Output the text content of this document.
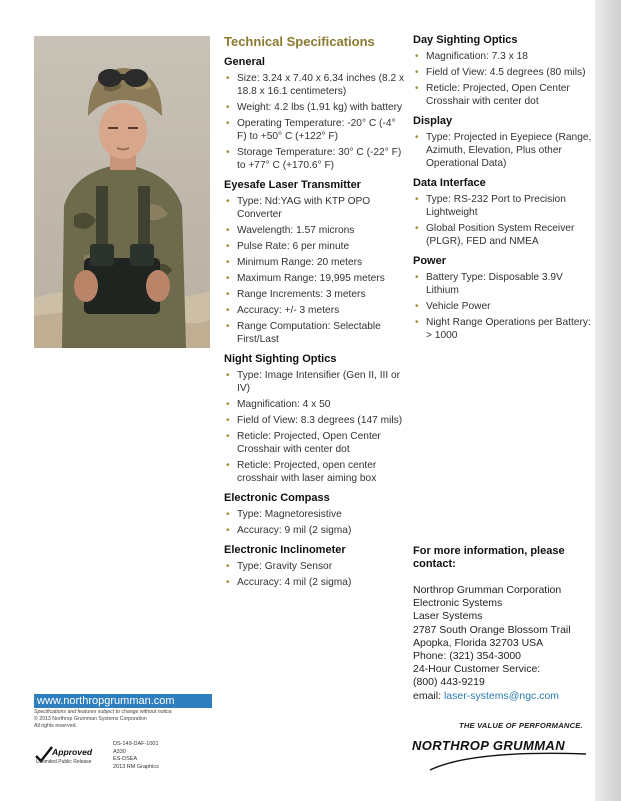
Technical Specifications
General
• Size: 3.24 x 7.40 x 6.34 inches (8.2 x 18.8 x 16.1 centimeters)
• Weight: 4.2 lbs (1.91 kg) with battery
• Operating Temperature: -20° C (-4° F) to +50° C (+122° F)
• Storage Temperature: 30° C (-22° F) to +77° C (+170.6° F)
Eyesafe Laser Transmitter
• Type: Nd:YAG with KTP OPO Converter
• Wavelength: 1.57 microns
• Pulse Rate: 6 per minute
• Minimum Range: 20 meters
• Maximum Range: 19,995 meters
• Range Increments: 3 meters
• Accuracy: +/- 3 meters
• Range Computation: Selectable First/Last
Night Sighting Optics
• Type: Image Intensifier (Gen II, III or IV)
• Magnification: 4 x 50
• Field of View: 8.3 degrees (147 mils)
• Reticle: Projected, Open Center Crosshair with center dot
• Reticle: Projected, open center crosshair with laser aiming box
Electronic Compass
• Type: Magnetoresistive
• Accuracy: 9 mil (2 sigma)
Electronic Inclinometer
• Type: Gravity Sensor
• Accuracy: 4 mil (2 sigma)
Day Sighting Optics
• Magnification: 7.3 x 18
• Field of View: 4.5 degrees (80 mils)
• Reticle: Projected, Open Center Crosshair with center dot
Display
• Type: Projected in Eyepiece (Range, Azimuth, Elevation, Plus other Operational Data)
Data Interface
• Type: RS-232 Port to Precision Lightweight
• Global Position System Receiver (PLGR), FED and NMEA
Power
• Battery Type: Disposable 3.9V Lithium
• Vehicle Power
• Night Range Operations per Battery: > 1000
For more information, please contact:
Northrop Grumman Corporation
Electronic Systems
Laser Systems
2787 South Orange Blossom Trail
Apopka, Florida 32703 USA
Phone: (321) 354-3000
24-Hour Customer Service:
(800) 443-9219
email: laser-systems@ngc.com
www.northropgrumman.com
Specifications and features subject to change without notice.
© 2013 Northrop Grumman Systems Corporation
All rights reserved.
Approved
Unlimited Public Release
DS-149-DAF-1001
A330
ES-DSEA
2013 RM Graphics
THE VALUE OF PERFORMANCE.
NORTHROP GRUMMAN
